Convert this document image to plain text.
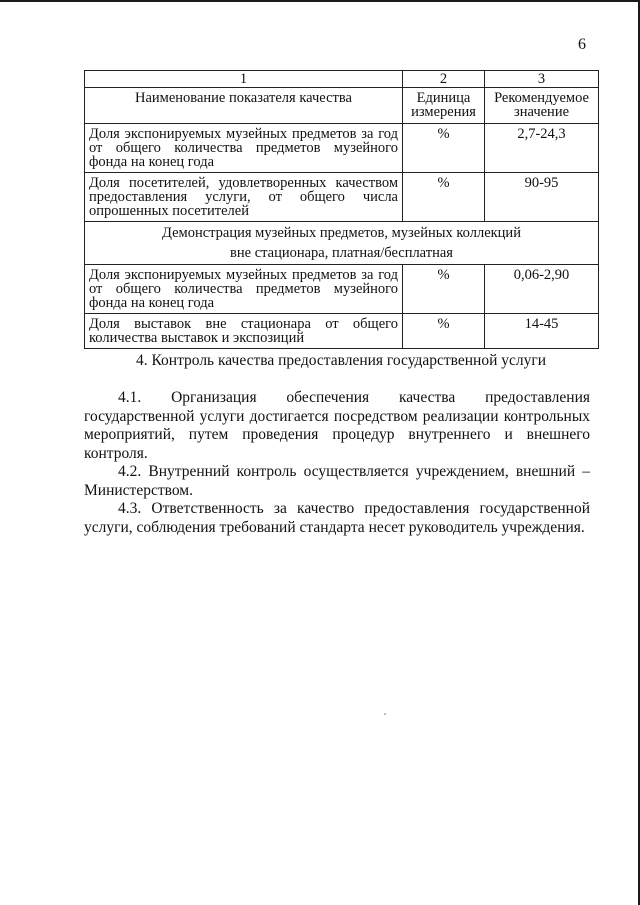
6
1	2	3
Наименование показателя качества	Единица измерения	Рекомендуемое значение
Доля экспонируемых музейных предметов за год от общего количества предметов музейного фонда на конец года	%	2,7-24,3
Доля посетителей, удовлетворенных качеством предоставления услуги, от общего числа опрошенных посетителей	%	90-95

Демонстрация музейных предметов, музейных коллекций
вне стационара, платная/бесплатная		

Доля экспонируемых музейных предметов за год от общего количества предметов музейного фонда на конец года	%	0,06-2,90
Доля выставок вне стационара от общего количества выставок и экспозиций	%	14-45
4. Контроль качества предоставления государственной услуги

4.1. Организация обеспечения качества предоставления государственной услуги достигается посредством реализации контрольных мероприятий, путем проведения процедур внутреннего и внешнего контроля.

4.2. Внутренний контроль осуществляется учреждением, внешний – Министерством.

4.3. Ответственность за качество предоставления государственной услуги, соблюдения требований стандарта несет руководитель учреждения.
